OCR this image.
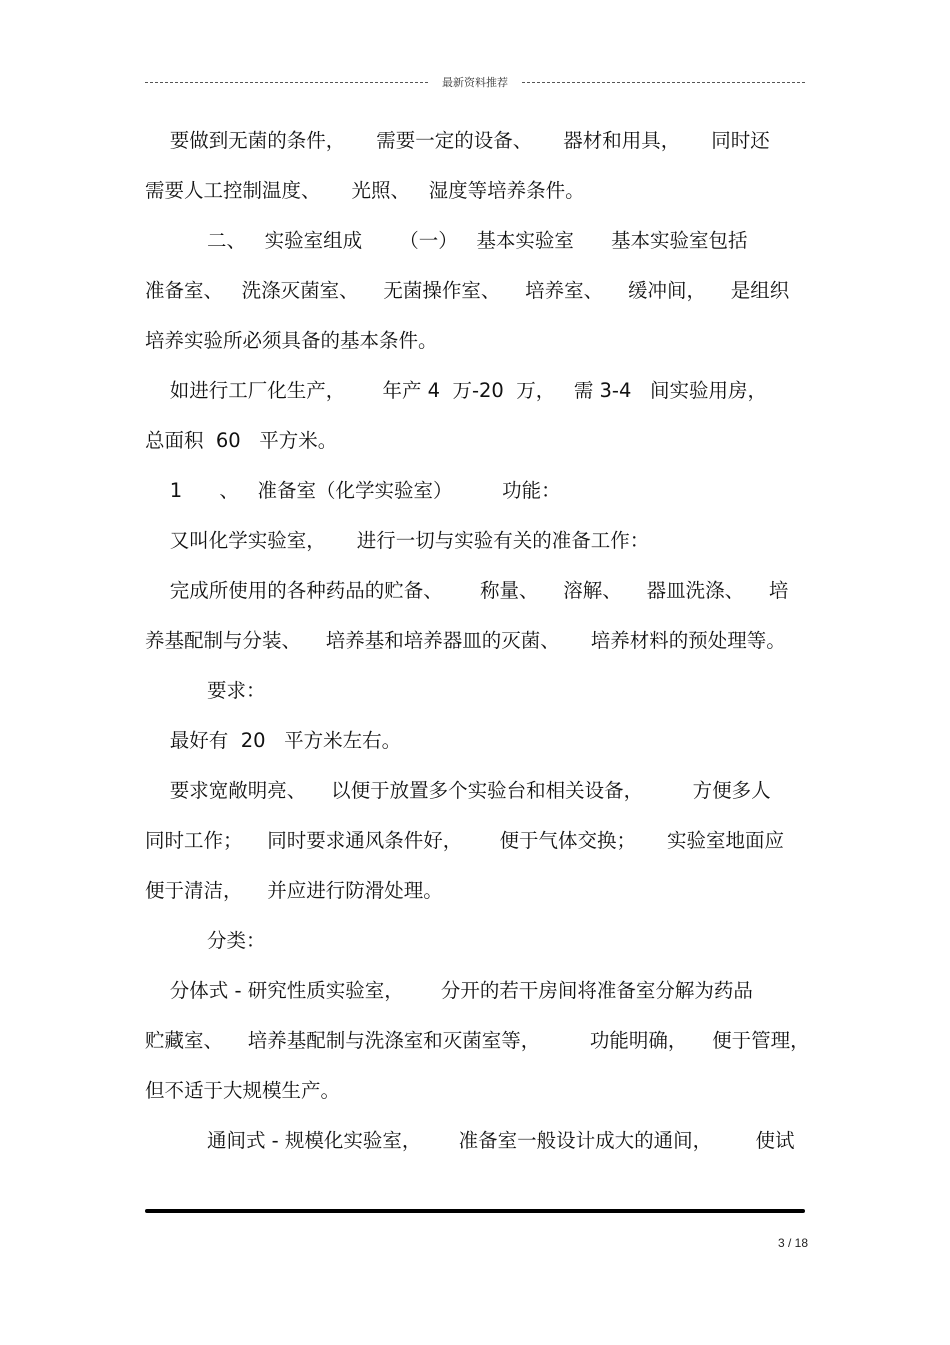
最新资料推荐
要做到无菌的条件，     需要一定的设备、     器材和用具，     同时还
需要人工控制温度、     光照、   湿度等培养条件。
二、   实验室组成      （一）   基本实验室      基本实验室包括
准备室、   洗涤灭菌室、    无菌操作室、    培养室、    缓冲间，    是组织
培养实验所必须具备的基本条件。
如进行工厂化生产，      年产 4  万-20  万，   需 3-4   间实验用房，
总面积  60   平方米。
1      、   准备室（化学实验室）        功能：
又叫化学实验室，     进行一切与实验有关的准备工作：
完成所使用的各种药品的贮备、      称量、    溶解、    器皿洗涤、    培
养基配制与分装、    培养基和培养器皿的灭菌、     培养材料的预处理等。
要求：
最好有  20   平方米左右。
要求宽敞明亮、    以便于放置多个实验台和相关设备，        方便多人
同时工作；    同时要求通风条件好，      便于气体交换；     实验室地面应
便于清洁，    并应进行防滑处理。
分类：
分体式 - 研究性质实验室，      分开的若干房间将准备室分解为药品
贮藏室、    培养基配制与洗涤室和灭菌室等，        功能明确，    便于管理，
但不适于大规模生产。
通间式 - 规模化实验室，      准备室一般设计成大的通间，       使试
3 / 18
